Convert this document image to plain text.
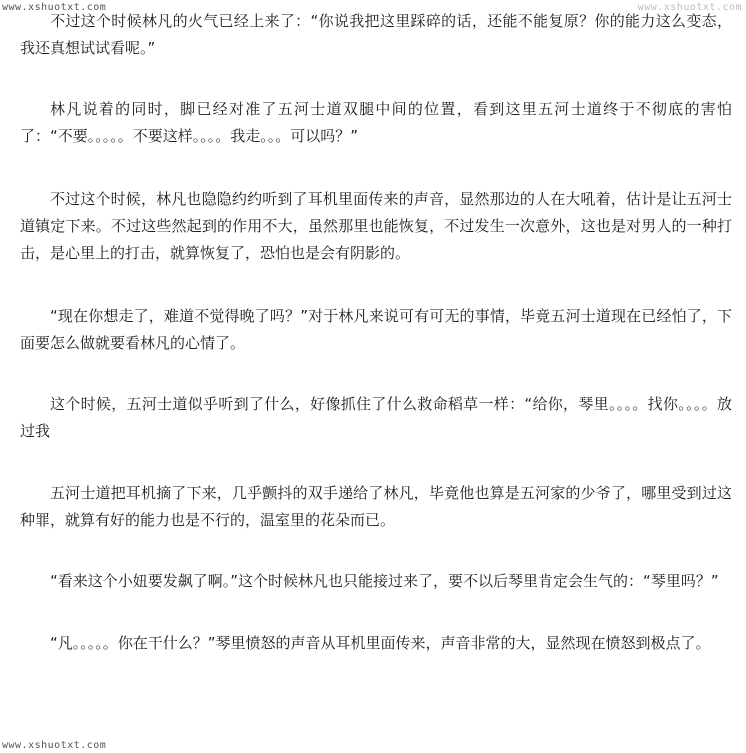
www.xshuotxt.com	www.xshuotxt.com

不过这个时候林凡的火气已经上来了：“你说我把这里踩碎的话，还能不能复原？你的能力这么变态，我还真想试试看呢。”

林凡说着的同时，脚已经对准了五河士道双腿中间的位置，看到这里五河士道终于不彻底的害怕了：“不要。。。。。不要这样。。。。我走。。。可以吗？”

不过这个时候，林凡也隐隐约约听到了耳机里面传来的声音，显然那边的人在大吼着，估计是让五河士道镇定下来。不过这些然起到的作用不大，虽然那里也能恢复，不过发生一次意外，这也是对男人的一种打击，是心里上的打击，就算恢复了，恐怕也是会有阴影的。

“现在你想走了，难道不觉得晚了吗？”对于林凡来说可有可无的事情，毕竟五河士道现在已经怕了，下面要怎么做就要看林凡的心情了。

这个时候，五河士道似乎听到了什么，好像抓住了什么救命稻草一样：“给你，琴里。。。。找你。。。。放过我

五河士道把耳机摘了下来，几乎颤抖的双手递给了林凡，毕竟他也算是五河家的少爷了，哪里受到过这种罪，就算有好的能力也是不行的，温室里的花朵而已。

“看来这个小妞要发飙了啊。”这个时候林凡也只能接过来了，要不以后琴里肯定会生气的：“琴里吗？”

“凡。。。。。你在干什么？”琴里愤怒的声音从耳机里面传来，声音非常的大，显然现在愤怒到极点了。

www.xshuotxt.com
